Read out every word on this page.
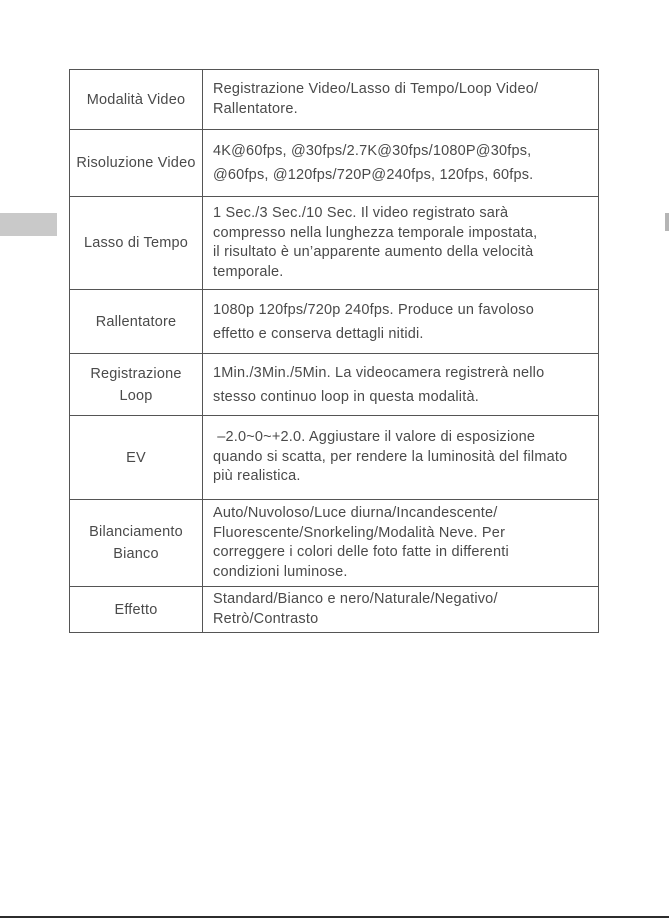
Modalità Video	Registrazione Video/Lasso di Tempo/Loop Video/
Rallentatore.

Risoluzione Video	4K@60fps, @30fps/2.7K@30fps/1080P@30fps,
@60fps, @120fps/720P@240fps, 120fps, 60fps.

Lasso di Tempo	1 Sec./3 Sec./10 Sec. Il video registrato sarà
compresso nella lunghezza temporale impostata,
il risultato è un’apparente aumento della velocità
temporale.

Rallentatore	1080p 120fps/720p 240fps. Produce un favoloso
effetto e conserva dettagli nitidi.

Registrazione
Loop	1Min./3Min./5Min. La videocamera registrerà nello
stesso continuo loop in questa modalità.

EV	–2.0~0~+2.0. Aggiustare il valore di esposizione
quando si scatta, per rendere la luminosità del filmato
più realistica.

Bilanciamento
Bianco	Auto/Nuvoloso/Luce diurna/Incandescente/
Fluorescente/Snorkeling/Modalità Neve. Per
correggere i colori delle foto fatte in differenti
condizioni luminose.

Effetto	Standard/Bianco e nero/Naturale/Negativo/
Retrò/Contrasto
